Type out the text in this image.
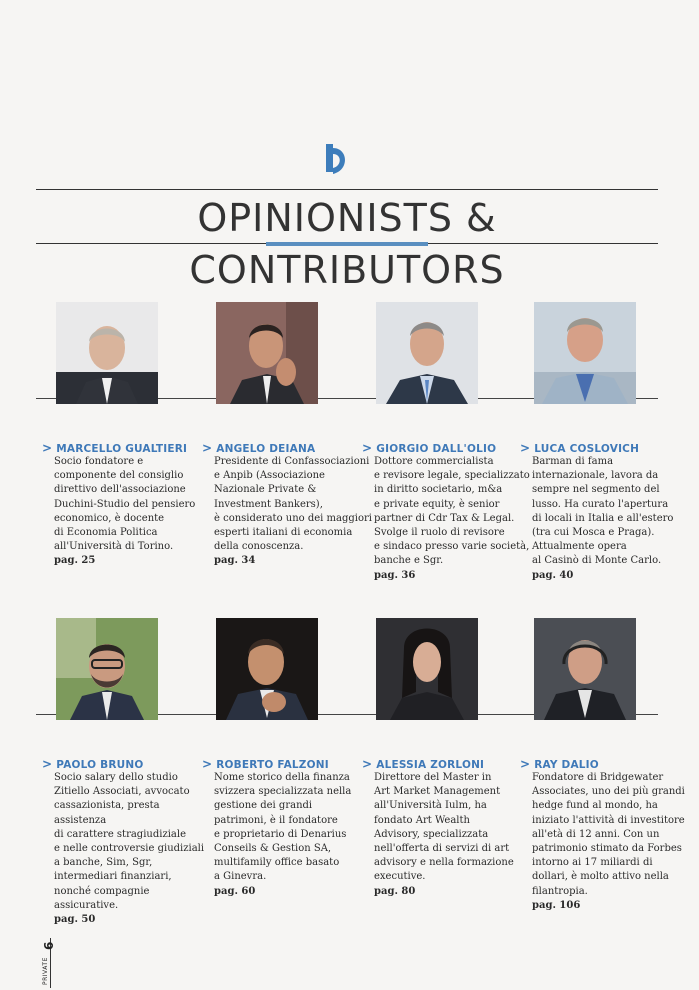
OPINIONISTS & CONTRIBUTORS
> MARCELLO GUALTIERI
Socio fondatore e
componente del consiglio
direttivo dell'associazione
Duchini-Studio del pensiero
economico, è docente
di Economia Politica
all'Università di Torino.
pag. 25
> ANGELO DEIANA
Presidente di Confassociazioni
e Anpib (Associazione
Nazionale Private &
Investment Bankers),
è considerato uno dei maggiori
esperti italiani di economia
della conoscenza.
pag. 34
> GIORGIO DALL'OLIO
Dottore commercialista
e revisore legale, specializzato
in diritto societario, m&a
e private equity, è senior
partner di Cdr Tax & Legal.
Svolge il ruolo di revisore
e sindaco presso varie società,
banche e Sgr.
pag. 36
> LUCA COSLOVICH
Barman di fama
internazionale, lavora da
sempre nel segmento del
lusso. Ha curato l'apertura
di locali in Italia e all'estero
(tra cui Mosca e Praga).
Attualmente opera
al Casinò di Monte Carlo.
pag. 40
> PAOLO BRUNO
Socio salary dello studio
Zitiello Associati, avvocato
cassazionista, presta assistenza
di carattere stragiudiziale
e nelle controversie giudiziali
a banche, Sim, Sgr,
intermediari finanziari,
nonché compagnie assicurative.
pag. 50
> ROBERTO FALZONI
Nome storico della finanza
svizzera specializzata nella
gestione dei grandi
patrimoni, è il fondatore
e proprietario di Denarius
Conseils & Gestion SA,
multifamily office basato
a Ginevra.
pag. 60
> ALESSIA ZORLONI
Direttore del Master in
Art Market Management
all'Università Iulm, ha
fondato Art Wealth
Advisory, specializzata
nell'offerta di servizi di art
advisory e nella formazione
executive.
pag. 80
> RAY DALIO
Fondatore di Bridgewater
Associates, uno dei più grandi
hedge fund al mondo, ha
iniziato l'attività di investitore
all'età di 12 anni. Con un
patrimonio stimato da Forbes
intorno ai 17 miliardi di
dollari, è molto attivo nella
filantropia.
pag. 106
6
PRIVATE
